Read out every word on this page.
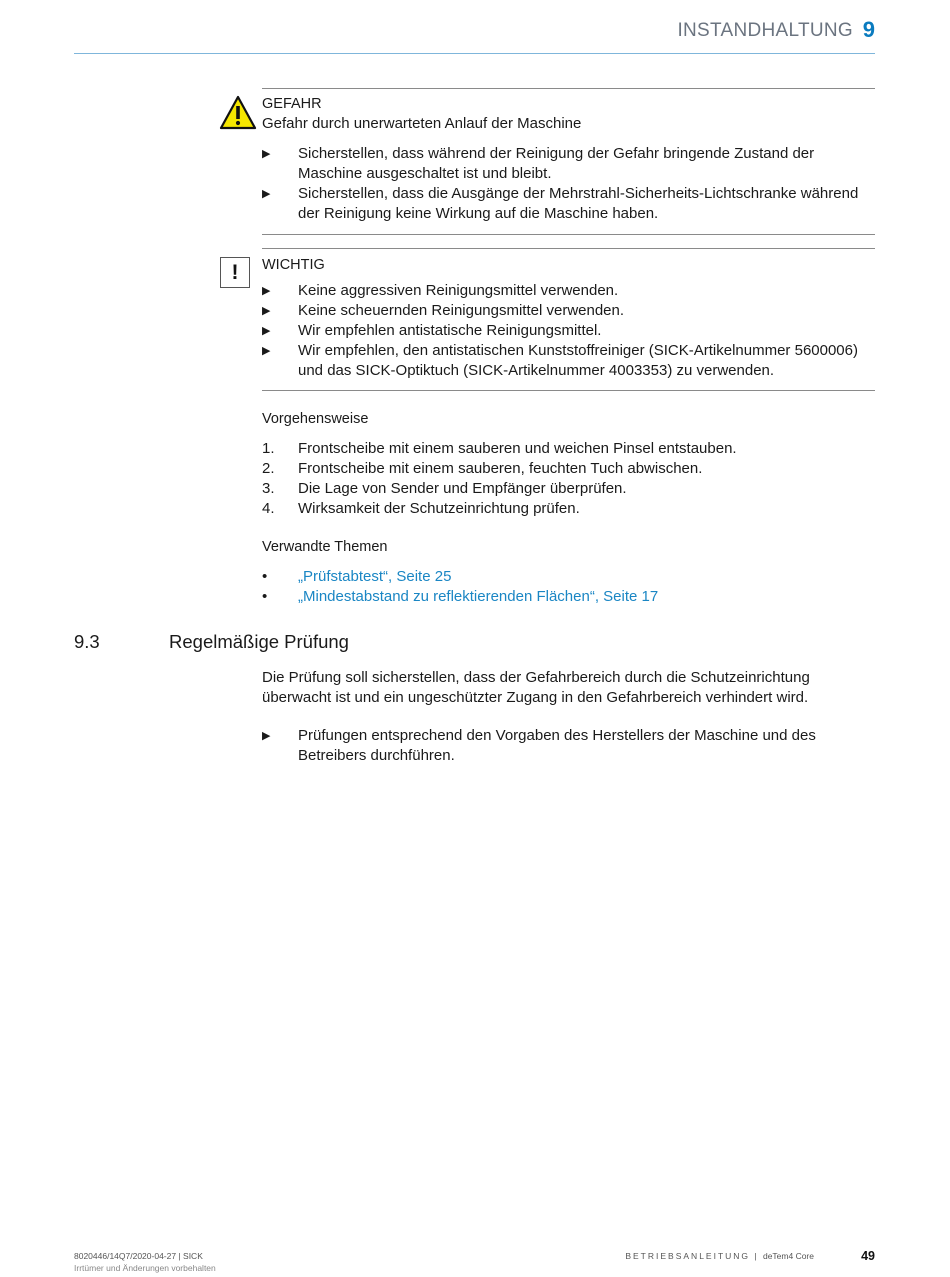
INSTANDHALTUNG 9
GEFAHR
Gefahr durch unerwarteten Anlauf der Maschine
▶	Sicherstellen, dass während der Reinigung der Gefahr bringende Zustand der Maschine ausgeschaltet ist und bleibt.
▶	Sicherstellen, dass die Ausgänge der Mehrstrahl-Sicherheits-Lichtschranke während der Reinigung keine Wirkung auf die Maschine haben.
!	WICHTIG
▶	Keine aggressiven Reinigungsmittel verwenden.
▶	Keine scheuernden Reinigungsmittel verwenden.
▶	Wir empfehlen antistatische Reinigungsmittel.
▶	Wir empfehlen, den antistatischen Kunststoffreiniger (SICK-Artikelnummer 5600006) und das SICK-Optiktuch (SICK-Artikelnummer 4003353) zu verwenden.
Vorgehensweise
1.	Frontscheibe mit einem sauberen und weichen Pinsel entstauben.
2.	Frontscheibe mit einem sauberen, feuchten Tuch abwischen.
3.	Die Lage von Sender und Empfänger überprüfen.
4.	Wirksamkeit der Schutzeinrichtung prüfen.
Verwandte Themen
•	„Prüfstabtest“, Seite 25
•	„Mindestabstand zu reflektierenden Flächen“, Seite 17
9.3	Regelmäßige Prüfung
Die Prüfung soll sicherstellen, dass der Gefahrbereich durch die Schutzeinrichtung überwacht ist und ein ungeschützter Zugang in den Gefahrbereich verhindert wird.
▶	Prüfungen entsprechend den Vorgaben des Herstellers der Maschine und des Betreibers durchführen.
8020446/14Q7/2020-04-27 | SICK
Irrtümer und Änderungen vorbehalten
BETRIEBSANLEITUNG | deTem4 Core	49
